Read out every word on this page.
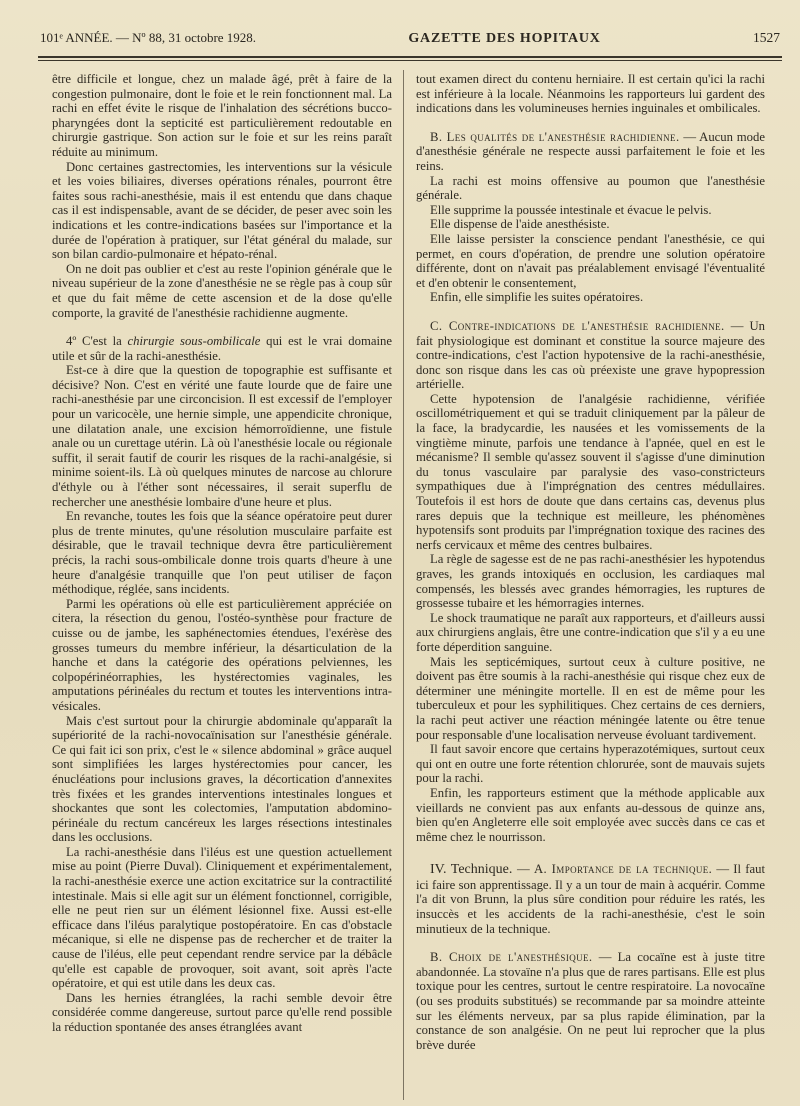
101ᵉ ANNÉE. — Nº 88, 31 octobre 1928.	GAZETTE DES HOPITAUX	1527

être difficile et longue, chez un malade âgé, prêt à faire de la congestion pulmonaire, dont le foie et le rein fonctionnent mal. La rachi en effet évite le risque de l'inhalation des sécrétions bucco-pharyngées dont la septicité est particulièrement redoutable en chirurgie gastrique. Son action sur le foie et sur les reins paraît réduite au minimum.

Donc certaines gastrectomies, les interventions sur la vésicule et les voies biliaires, diverses opérations rénales, pourront être faites sous rachi-anesthésie, mais il est entendu que dans chaque cas il est indispensable, avant de se décider, de peser avec soin les indications et les contre-indications basées sur l'importance et la durée de l'opération à pratiquer, sur l'état général du malade, sur son bilan cardio-pulmonaire et hépato-rénal.

On ne doit pas oublier et c'est au reste l'opinion générale que le niveau supérieur de la zone d'anesthésie ne se règle pas à coup sûr et que du fait même de cette ascension et de la dose qu'elle comporte, la gravité de l'anesthésie rachidienne augmente.

4º C'est la chirurgie sous-ombilicale qui est le vrai domaine utile et sûr de la rachi-anesthésie.

Est-ce à dire que la question de topographie est suffisante et décisive? Non. C'est en vérité une faute lourde que de faire une rachi-anesthésie par une circoncision. Il est excessif de l'employer pour un varicocèle, une hernie simple, une appendicite chronique, une dilatation anale, une excision hémorroïdienne, une fistule anale ou un curettage utérin. Là où l'anesthésie locale ou régionale suffit, il serait fautif de courir les risques de la rachi-analgésie, si minime soient-ils. Là où quelques minutes de narcose au chlorure d'éthyle ou à l'éther sont nécessaires, il serait superflu de rechercher une anesthésie lombaire d'une heure et plus.

En revanche, toutes les fois que la séance opératoire peut durer plus de trente minutes, qu'une résolution musculaire parfaite est désirable, que le travail technique devra être particulièrement précis, la rachi sous-ombilicale donne trois quarts d'heure à une heure d'analgésie tranquille que l'on peut utiliser de façon méthodique, réglée, sans incidents.

Parmi les opérations où elle est particulièrement appréciée on citera, la résection du genou, l'ostéo-synthèse pour fracture de cuisse ou de jambe, les saphénectomies étendues, l'exérèse des grosses tumeurs du membre inférieur, la désarticulation de la hanche et dans la catégorie des opérations pelviennes, les colpopérinéorraphies, les hystérectomies vaginales, les amputations périnéales du rectum et toutes les interventions intra-vésicales.

Mais c'est surtout pour la chirurgie abdominale qu'apparaît la supériorité de la rachi-novocaïnisation sur l'anesthésie générale. Ce qui fait ici son prix, c'est le « silence abdominal » grâce auquel sont simplifiées les larges hystérectomies pour cancer, les énucléations pour inclusions graves, la décortication d'annexites très fixées et les grandes interventions intestinales longues et shockantes que sont les colectomies, l'amputation abdomino-périnéale du rectum cancéreux les larges résections intestinales dans les occlusions.

La rachi-anesthésie dans l'iléus est une question actuellement mise au point (Pierre Duval). Cliniquement et expérimentalement, la rachi-anesthésie exerce une action excitatrice sur la contractilité intestinale. Mais si elle agit sur un élément fonctionnel, corrigible, elle ne peut rien sur un élément lésionnel fixe. Aussi est-elle efficace dans l'iléus paralytique postopératoire. En cas d'obstacle mécanique, si elle ne dispense pas de rechercher et de traiter la cause de l'iléus, elle peut cependant rendre service par la débâcle qu'elle est capable de provoquer, soit avant, soit après l'acte opératoire, et qui est utile dans les deux cas.

Dans les hernies étranglées, la rachi semble devoir être considérée comme dangereuse, surtout parce qu'elle rend possible la réduction spontanée des anses étranglées avant

tout examen direct du contenu herniaire. Il est certain qu'ici la rachi est inférieure à la locale. Néanmoins les rapporteurs lui gardent des indications dans les volumineuses hernies inguinales et ombilicales.

B. Les qualités de l'anesthésie rachidienne. — Aucun mode d'anesthésie générale ne respecte aussi parfaitement le foie et les reins.

La rachi est moins offensive au poumon que l'anesthésie générale.

Elle supprime la poussée intestinale et évacue le pelvis.

Elle dispense de l'aide anesthésiste.

Elle laisse persister la conscience pendant l'anesthésie, ce qui permet, en cours d'opération, de prendre une solution opératoire différente, dont on n'avait pas préalablement envisagé l'éventualité et d'en obtenir le consentement,

Enfin, elle simplifie les suites opératoires.

C. Contre-indications de l'anesthésie rachidienne. — Un fait physiologique est dominant et constitue la source majeure des contre-indications, c'est l'action hypotensive de la rachi-anesthésie, donc son risque dans les cas où préexiste une grave hypopression artérielle.

Cette hypotension de l'analgésie rachidienne, vérifiée oscillométriquement et qui se traduit cliniquement par la pâleur de la face, la bradycardie, les nausées et les vomissements de la vingtième minute, parfois une tendance à l'apnée, quel en est le mécanisme? Il semble qu'assez souvent il s'agisse d'une diminution du tonus vasculaire par paralysie des vaso-constricteurs sympathiques due à l'imprégnation des centres médullaires. Toutefois il est hors de doute que dans certains cas, devenus plus rares depuis que la technique est meilleure, les phénomènes hypotensifs sont produits par l'imprégnation toxique des racines des nerfs cervicaux et même des centres bulbaires.

La règle de sagesse est de ne pas rachi-anesthésier les hypotendus graves, les grands intoxiqués en occlusion, les cardiaques mal compensés, les blessés avec grandes hémorragies, les ruptures de grossesse tubaire et les hémorragies internes.

Le shock traumatique ne paraît aux rapporteurs, et d'ailleurs aussi aux chirurgiens anglais, être une contre-indication que s'il y a eu une forte déperdition sanguine.

Mais les septicémiques, surtout ceux à culture positive, ne doivent pas être soumis à la rachi-anesthésie qui risque chez eux de déterminer une méningite mortelle. Il en est de même pour les tuberculeux et pour les syphilitiques. Chez certains de ces derniers, la rachi peut activer une réaction méningée latente ou être tenue pour responsable d'une localisation nerveuse évoluant tardivement.

Il faut savoir encore que certains hyperazotémiques, surtout ceux qui ont en outre une forte rétention chlorurée, sont de mauvais sujets pour la rachi.

Enfin, les rapporteurs estiment que la méthode applicable aux vieillards ne convient pas aux enfants au-dessous de quinze ans, bien qu'en Angleterre elle soit employée avec succès dans ce cas et même chez le nourrisson.

IV. Technique. — A. Importance de la technique. — Il faut ici faire son apprentissage. Il y a un tour de main à acquérir. Comme l'a dit von Brunn, la plus sûre condition pour réduire les ratés, les insuccès et les accidents de la rachi-anesthésie, c'est le soin minutieux de la technique.

B. Choix de l'anesthésique. — La cocaïne est à juste titre abandonnée. La stovaïne n'a plus que de rares partisans. Elle est plus toxique pour les centres, surtout le centre respiratoire. La novocaïne (ou ses produits substitués) se recommande par sa moindre atteinte sur les éléments nerveux, par sa plus rapide élimination, par la constance de son analgésie. On ne peut lui reprocher que la plus brève durée
